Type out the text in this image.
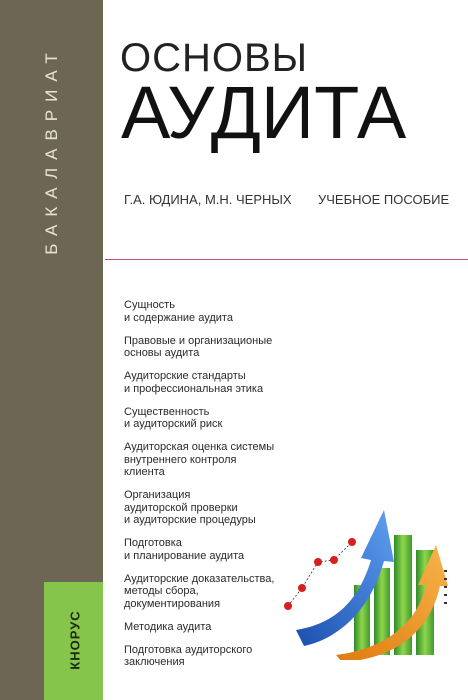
БАКАЛАВРИАТ
КНОРУС
ОСНОВЫ
АУДИТА
Г.А. ЮДИНА, М.Н. ЧЕРНЫХ УЧЕБНОЕ ПОСОБИЕ
Сущность
и содержание аудита
Правовые и организационые
основы аудита
Аудиторские стандарты
и профессиональная этика
Существенность
и аудиторский риск
Аудиторская оценка системы
внутреннего контроля
клиента
Организация
аудиторской проверки
и аудиторские процедуры
Подготовка
и планирование аудита
Аудиторские доказательства,
методы сбора,
документирования
Методика аудита
Подготовка аудиторского
заключения
